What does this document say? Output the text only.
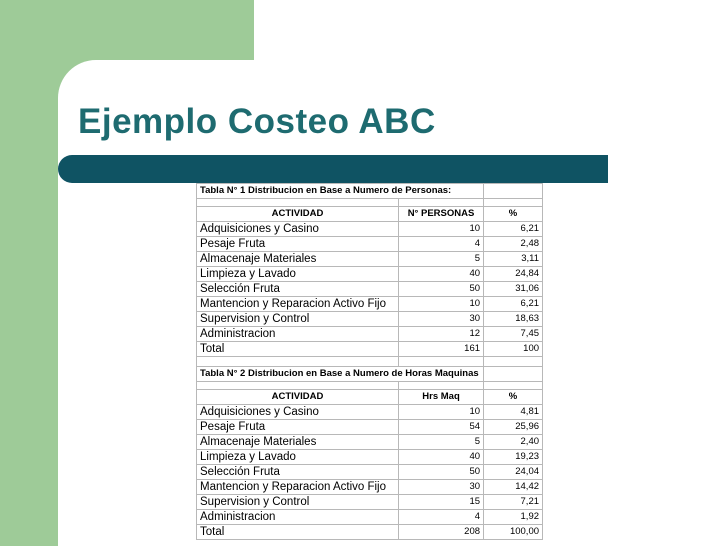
Ejemplo Costeo ABC
Tabla N° 1 Distribucion en Base a Numero de Personas:		

ACTIVIDAD	N° PERSONAS	%
Adquisiciones y Casino	10	6,21
Pesaje Fruta	4	2,48
Almacenaje Materiales	5	3,11
Limpieza y Lavado	40	24,84
Selección Fruta	50	31,06
Mantencion y Reparacion Activo Fijo	10	6,21
Supervision y Control	30	18,63
Administracion	12	7,45
Total	161	100

Tabla N° 2 Distribucion en Base a Numero de Horas Maquinas		

ACTIVIDAD	Hrs Maq	%
Adquisiciones y Casino	10	4,81
Pesaje Fruta	54	25,96
Almacenaje Materiales	5	2,40
Limpieza y Lavado	40	19,23
Selección Fruta	50	24,04
Mantencion y Reparacion Activo Fijo	30	14,42
Supervision y Control	15	7,21
Administracion	4	1,92
Total	208	100,00
